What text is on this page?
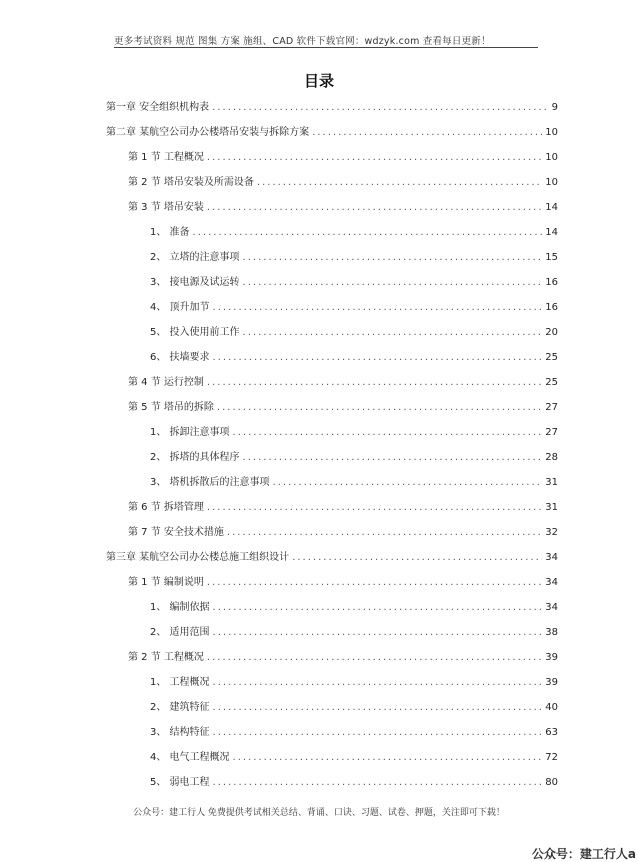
更多考试资料 规范 图集 方案 施组、CAD 软件下载官网：wdzyk.com 查看每日更新！
目录
第一章 安全组织机构表 .....	9
第二章 某航空公司办公楼塔吊安装与拆除方案 .....	10
第 1 节 工程概况 .....	10
第 2 节 塔吊安装及所需设备 .....	10
第 3 节 塔吊安装 .....	14
1、 准备 .....	14
2、 立塔的注意事项 .....	15
3、 接电源及试运转 .....	16
4、 顶升加节 .....	16
5、 投入使用前工作 .....	20
6、 扶墙要求 .....	25
第 4 节 运行控制 .....	25
第 5 节 塔吊的拆除 .....	27
1、 拆卸注意事项 .....	27
2、 拆塔的具体程序 .....	28
3、 塔机拆散后的注意事项 .....	31
第 6 节 拆塔管理 .....	31
第 7 节 安全技术措施 .....	32
第三章 某航空公司办公楼总施工组织设计 .....	34
第 1 节 编制说明 .....	34
1、 编制依据 .....	34
2、 适用范围 .....	38
第 2 节 工程概况 .....	39
1、 工程概况 .....	39
2、 建筑特征 .....	40
3、 结构特征 .....	63
4、 电气工程概况 .....	72
5、 弱电工程 .....	80
公众号：建工行人 免费提供考试相关总结、背诵、口诀、习题、试卷、押题，关注即可下载！
公众号：建工行人a
